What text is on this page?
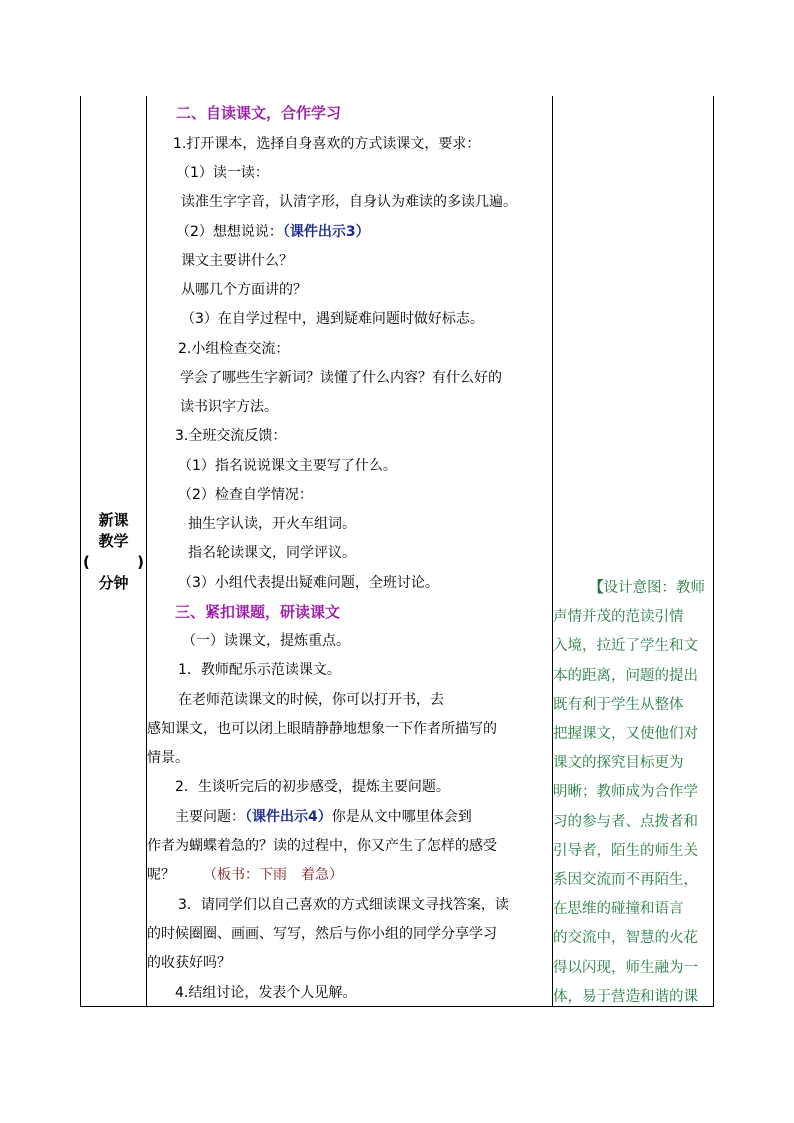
新课
教学
(	)
分钟
二、自读课文，合作学习
1.打开课本，选择自身喜欢的方式读课文，要求：
（1）读一读：
读准生字字音，认清字形，自身认为难读的多读几遍。
（2）想想说说：（课件出示3）
课文主要讲什么？
从哪几个方面讲的？
（3）在自学过程中，遇到疑难问题时做好标志。
2.小组检查交流：
学会了哪些生字新词？读懂了什么内容？有什么好的
读书识字方法。
3.全班交流反馈：
（1）指名说说课文主要写了什么。
（2）检查自学情况：
抽生字认读，开火车组词。
指名轮读课文，同学评议。
（3）小组代表提出疑难问题，全班讨论。
三、紧扣课题，研读课文
（一）读课文，提炼重点。
1．教师配乐示范读课文。
在老师范读课文的时候，你可以打开书，去
感知课文，也可以闭上眼睛静静地想象一下作者所描写的
情景。
2．生谈听完后的初步感受，提炼主要问题。
主要问题：（课件出示4）你是从文中哪里体会到
作者为蝴蝶着急的？读的过程中，你又产生了怎样的感受
呢？ （板书：下雨　着急）
3．请同学们以自己喜欢的方式细读课文寻找答案，读
的时候圈圈、画画、写写，然后与你小组的同学分享学习
的收获好吗？
4.结组讨论，发表个人见解。
【设计意图：教师
声情并茂的范读引情
入境，拉近了学生和文
本的距离，问题的提出
既有利于学生从整体
把握课文，又使他们对
课文的探究目标更为
明晰；教师成为合作学
习的参与者、点拨者和
引导者，陌生的师生关
系因交流而不再陌生，
在思维的碰撞和语言
的交流中，智慧的火花
得以闪现，师生融为一
体，易于营造和谐的课
